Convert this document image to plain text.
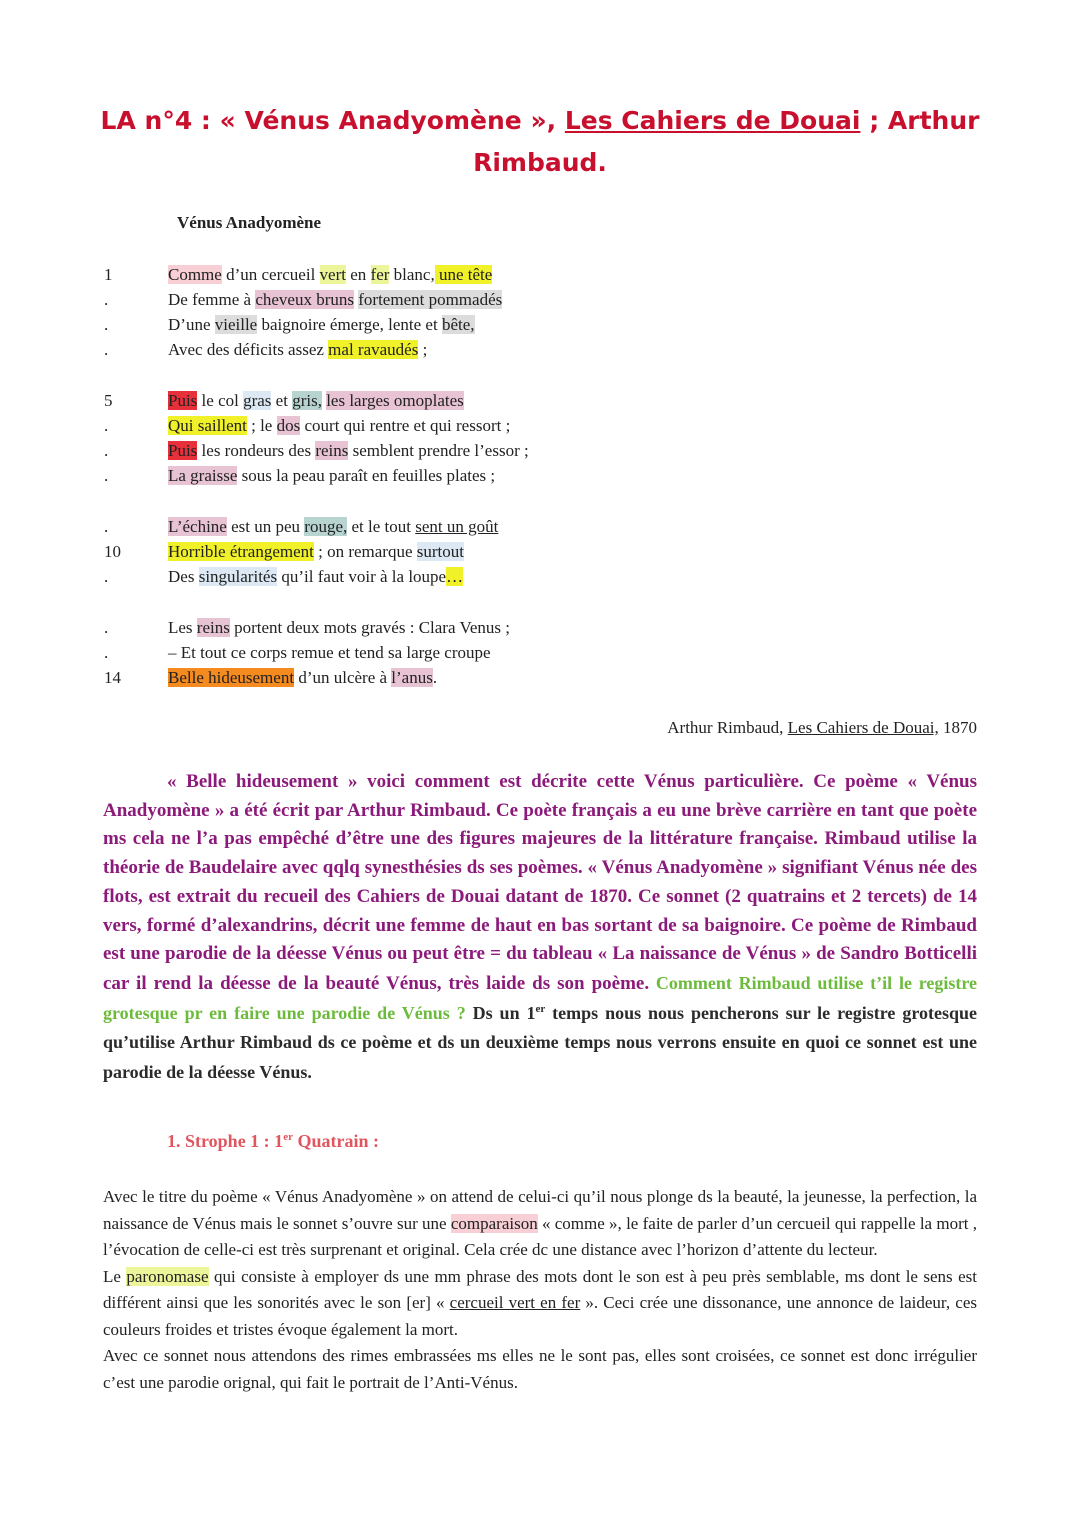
LA n°4 : « Vénus Anadyomène », Les Cahiers de Douai ; Arthur Rimbaud.
Vénus Anadyomène
1	Comme d’un cercueil vert en fer blanc, une tête
.	De femme à cheveux bruns fortement pommadés
.	D’une vieille baignoire émerge, lente et bête,
.	Avec des déficits assez mal ravaudés ;
5	Puis le col gras et gris, les larges omoplates
.	Qui saillent ; le dos court qui rentre et qui ressort ;
.	Puis les rondeurs des reins semblent prendre l’essor ;
.	La graisse sous la peau paraît en feuilles plates ;
.	L’échine est un peu rouge, et le tout sent un goût
10	Horrible étrangement ; on remarque surtout
.	Des singularités qu’il faut voir à la loupe…
.	Les reins portent deux mots gravés : Clara Venus ;
.	– Et tout ce corps remue et tend sa large croupe
14	Belle hideusement d’un ulcère à l’anus.
Arthur Rimbaud, Les Cahiers de Douai, 1870

« Belle hideusement » voici comment est décrite cette Vénus particulière. Ce poème « Vénus Anadyomène » a été écrit par Arthur Rimbaud. Ce poète français a eu une brève carrière en tant que poète ms cela ne l’a pas empêché d’être une des figures majeures de la littérature française. Rimbaud utilise la théorie de Baudelaire avec qqlq synesthésies ds ses poèmes. « Vénus Anadyomène » signifiant Vénus née des flots, est extrait du recueil des Cahiers de Douai datant de 1870. Ce sonnet (2 quatrains et 2 tercets) de 14 vers, formé d’alexandrins, décrit une femme de haut en bas sortant de sa baignoire. Ce poème de Rimbaud est une parodie de la déesse Vénus ou peut être = du tableau « La naissance de Vénus » de Sandro Botticelli car il rend la déesse de la beauté Vénus, très laide ds son poème. Comment Rimbaud utilise t’il le registre grotesque pr en faire une parodie de Vénus ? Ds un 1er temps nous nous pencherons sur le registre grotesque qu’utilise Arthur Rimbaud ds ce poème et ds un deuxième temps nous verrons ensuite en quoi ce sonnet est une parodie de la déesse Vénus.

1. Strophe 1 : 1er Quatrain :

Avec le titre du poème « Vénus Anadyomène » on attend de celui-ci qu’il nous plonge ds la beauté, la jeunesse, la perfection, la naissance de Vénus mais le sonnet s’ouvre sur une comparaison « comme », le faite de parler d’un cercueil qui rappelle la mort , l’évocation de celle-ci est très surprenant et original. Cela crée dc une distance avec l’horizon d’attente du lecteur.
Le paronomase qui consiste à employer ds une mm phrase des mots dont le son est à peu près semblable, ms dont le sens est différent ainsi que les sonorités avec le son [er] « cercueil vert en fer ». Ceci crée une dissonance, une annonce de laideur, ces couleurs froides et tristes évoque également la mort.
Avec ce sonnet nous attendons des rimes embrassées ms elles ne le sont pas, elles sont croisées, ce sonnet est donc irrégulier c’est une parodie orignal, qui fait le portrait de l’Anti-Vénus.
